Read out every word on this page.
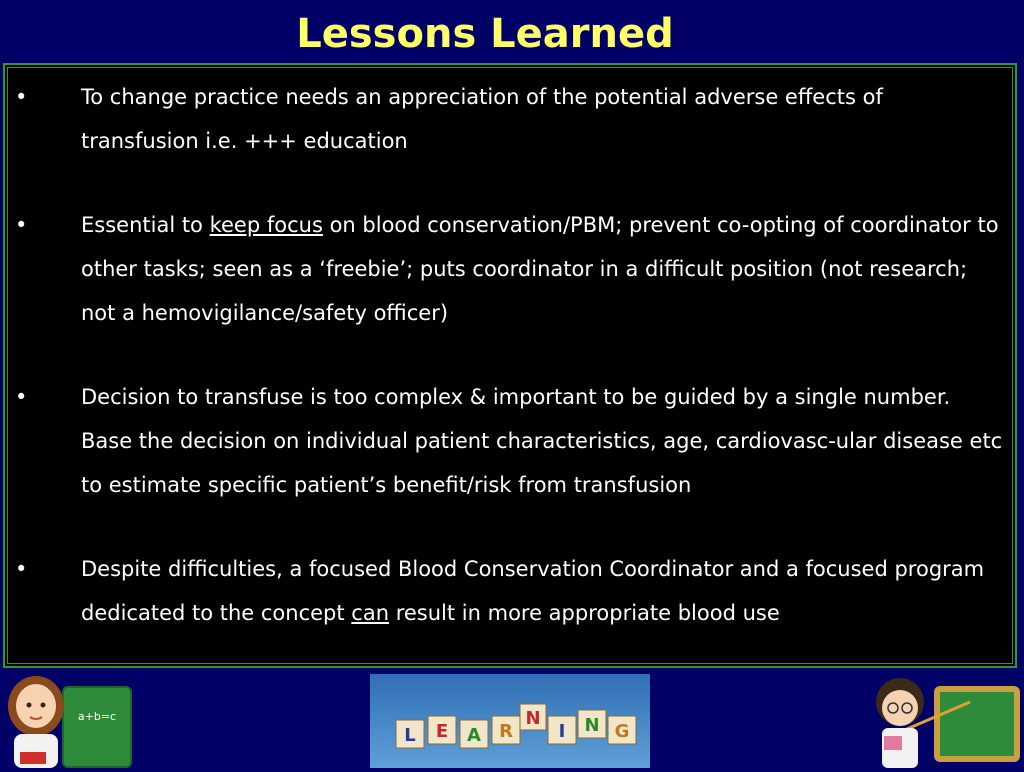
Lessons Learned
•	To change practice needs an appreciation of the potential adverse effects of transfusion i.e. +++ education
•	Essential to keep focus on blood conservation/PBM; prevent co-opting of coordinator to other tasks; seen as a ‘freebie’; puts coordinator in a difficult position (not research; not a hemovigilance/safety officer)
•	Decision to transfuse is too complex & important to be guided by a single number. Base the decision on individual patient characteristics, age, cardiovasc-ular disease etc to estimate specific patient’s benefit/risk from transfusion
•	Despite difficulties, a focused Blood Conservation Coordinator and a focused program dedicated to the concept can result in more appropriate blood use
a+b=c
L E A R
N
I N G
